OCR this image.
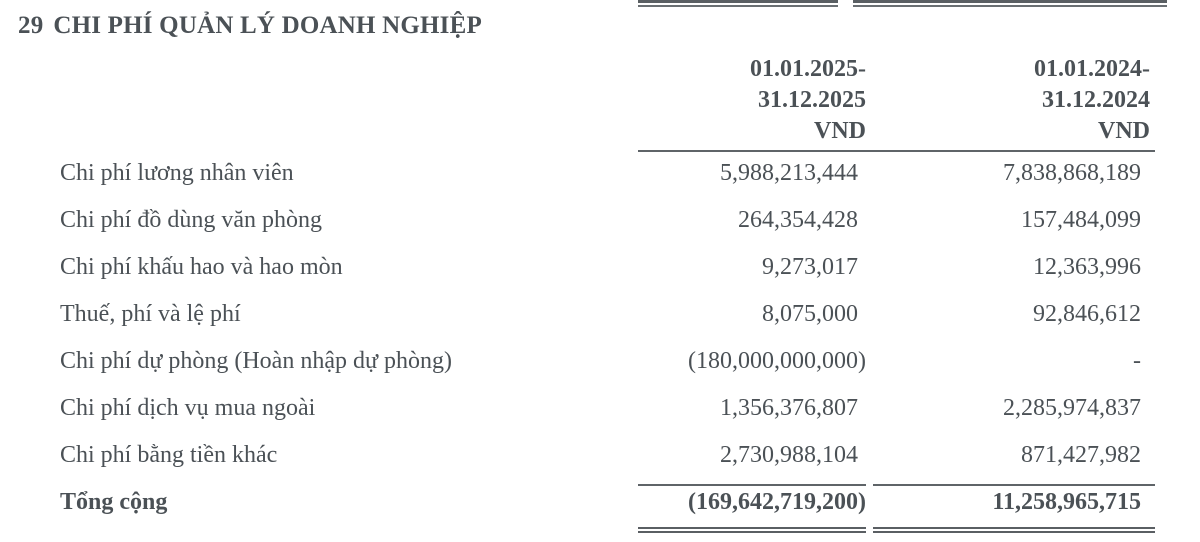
29 CHI PHÍ QUẢN LÝ DOANH NGHIỆP
01.01.2025-
31.12.2025
VND
01.01.2024-
31.12.2024
VND
Chi phí lương nhân viên	5,988,213,444	7,838,868,189
Chi phí đồ dùng văn phòng	264,354,428	157,484,099
Chi phí khấu hao và hao mòn	9,273,017	12,363,996
Thuế, phí và lệ phí	8,075,000	92,846,612
Chi phí dự phòng (Hoàn nhập dự phòng)	(180,000,000,000)	-
Chi phí dịch vụ mua ngoài	1,356,376,807	2,285,974,837
Chi phí bằng tiền khác	2,730,988,104	871,427,982
Tổng cộng	(169,642,719,200)	11,258,965,715
